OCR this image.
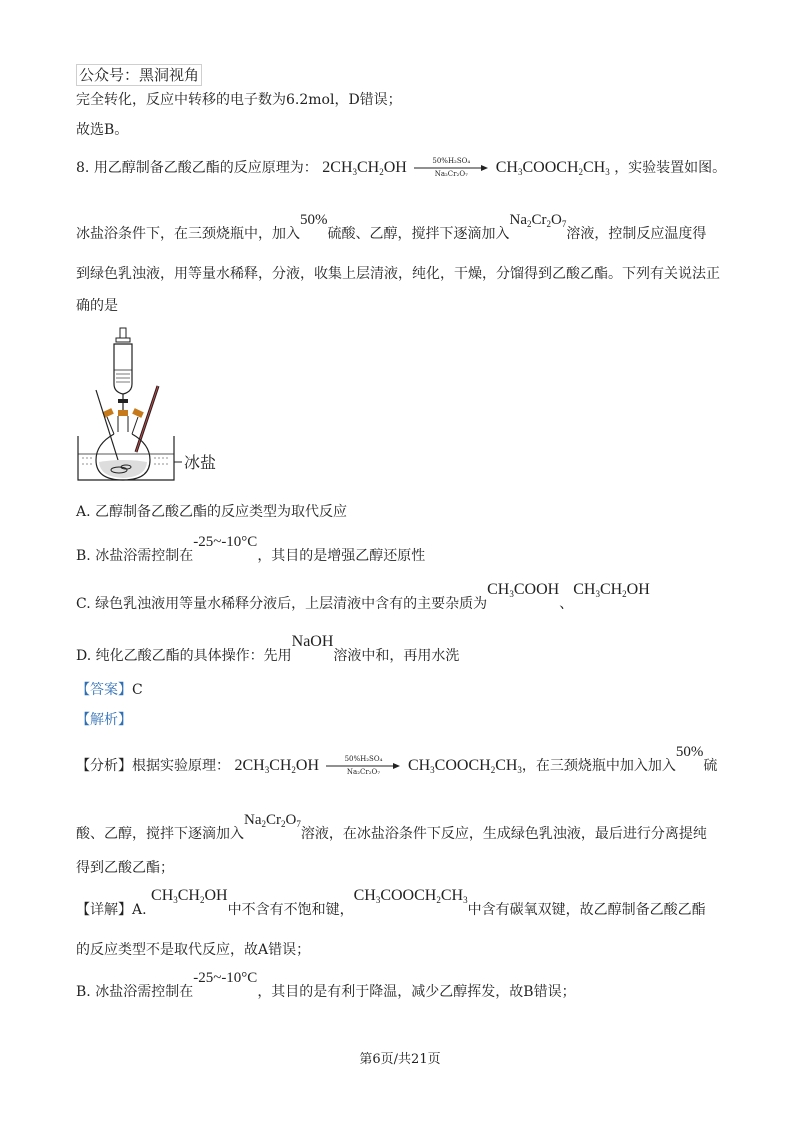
公众号：黑洞视角
完全转化，反应中转移的电子数为6.2mol，D错误；
故选B。
8. 用乙醇制备乙酸乙酯的反应原理为： $2CH_3CH_2OH$	50%H₂SO₄
Na₂Cr₂O₇	$CH_3COOCH_2CH_3$ ，实验装置如图。
冰盐浴条件下，在三颈烧瓶中，加入50%硫酸、乙醇，搅拌下逐滴加入$Na_2Cr_2O_7$溶液，控制反应温度得
到绿色乳浊液，用等量水稀释，分液，收集上层清液，纯化，干燥，分馏得到乙酸乙酯。下列有关说法正
确的是
冰盐
A. 乙醇制备乙酸乙酯的反应类型为取代反应
B. 冰盐浴需控制在-25~-10°C，其目的是增强乙醇还原性
C. 绿色乳浊液用等量水稀释分液后，上层清液中含有的主要杂质为$CH_3COOH$、$CH_3CH_2OH$
D. 纯化乙酸乙酯的具体操作：先用NaOH溶液中和，再用水洗
【答案】C
【解析】
【分析】根据实验原理： $2CH_3CH_2OH$	50%H₂SO₄
Na₂Cr₂O₇	$CH_3COOCH_2CH_3$，在三颈烧瓶中加入加入50%硫
酸、乙醇，搅拌下逐滴加入$Na_2Cr_2O_7$溶液，在冰盐浴条件下反应，生成绿色乳浊液，最后进行分离提纯
得到乙酸乙酯；
【详解】A. $CH_3CH_2OH$中不含有不饱和键，$CH_3COOCH_2CH_3$中含有碳氧双键，故乙醇制备乙酸乙酯
的反应类型不是取代反应，故A错误；
B. 冰盐浴需控制在-25~-10°C，其目的是有利于降温，减少乙醇挥发，故B错误；
第6页/共21页
